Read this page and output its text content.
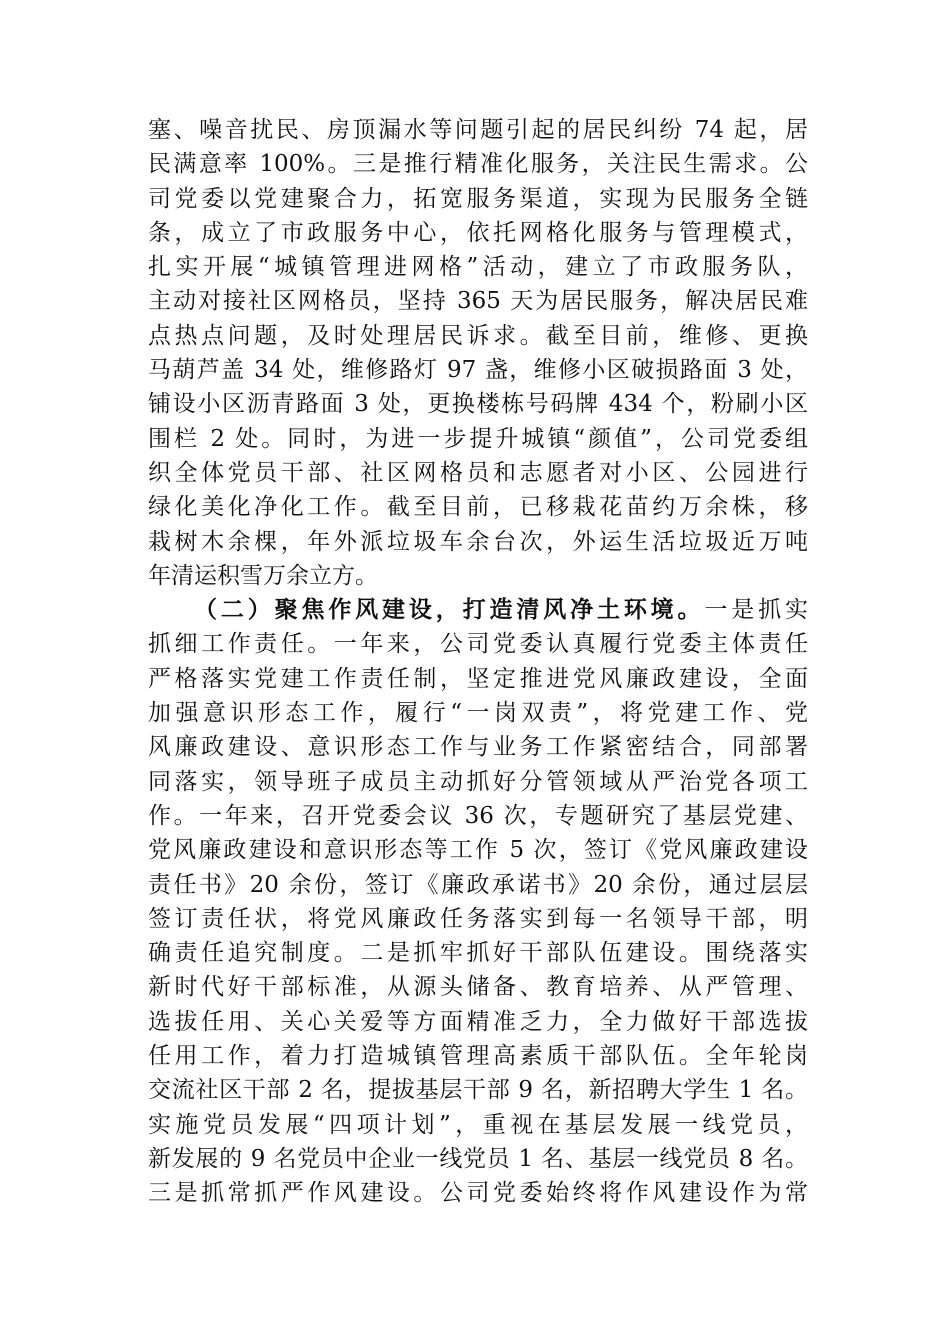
塞、噪音扰民、房顶漏水等问题引起的居民纠纷 74 起，居
民满意率 100%。三是推行精准化服务，关注民生需求。公
司党委以党建聚合力，拓宽服务渠道，实现为民服务全链
条，成立了市政服务中心，依托网格化服务与管理模式，
扎实开展“城镇管理进网格”活动，建立了市政服务队，
主动对接社区网格员，坚持 365 天为居民服务，解决居民难
点热点问题，及时处理居民诉求。截至目前，维修、更换
马葫芦盖 34 处，维修路灯 97 盏，维修小区破损路面 3 处，
铺设小区沥青路面 3 处，更换楼栋号码牌 434 个，粉刷小区
围栏 2 处。同时，为进一步提升城镇“颜值”，公司党委组
织全体党员干部、社区网格员和志愿者对小区、公园进行
绿化美化净化工作。截至目前，已移栽花苗约万余株，移
栽树木余棵，年外派垃圾车余台次，外运生活垃圾近万吨
年清运积雪万余立方。
（二）聚焦作风建设，打造清风净土环境。一是抓实
抓细工作责任。一年来，公司党委认真履行党委主体责任
严格落实党建工作责任制，坚定推进党风廉政建设，全面
加强意识形态工作，履行“一岗双责”，将党建工作、党
风廉政建设、意识形态工作与业务工作紧密结合，同部署
同落实，领导班子成员主动抓好分管领域从严治党各项工
作。一年来，召开党委会议 36 次，专题研究了基层党建、
党风廉政建设和意识形态等工作 5 次，签订《党风廉政建设
责任书》20 余份，签订《廉政承诺书》20 余份，通过层层
签订责任状，将党风廉政任务落实到每一名领导干部，明
确责任追究制度。二是抓牢抓好干部队伍建设。围绕落实
新时代好干部标准，从源头储备、教育培养、从严管理、
选拔任用、关心关爱等方面精准乏力，全力做好干部选拔
任用工作，着力打造城镇管理高素质干部队伍。全年轮岗
交流社区干部 2 名，提拔基层干部 9 名，新招聘大学生 1 名。
实施党员发展“四项计划”，重视在基层发展一线党员，
新发展的 9 名党员中企业一线党员 1 名、基层一线党员 8 名。
三是抓常抓严作风建设。公司党委始终将作风建设作为常
